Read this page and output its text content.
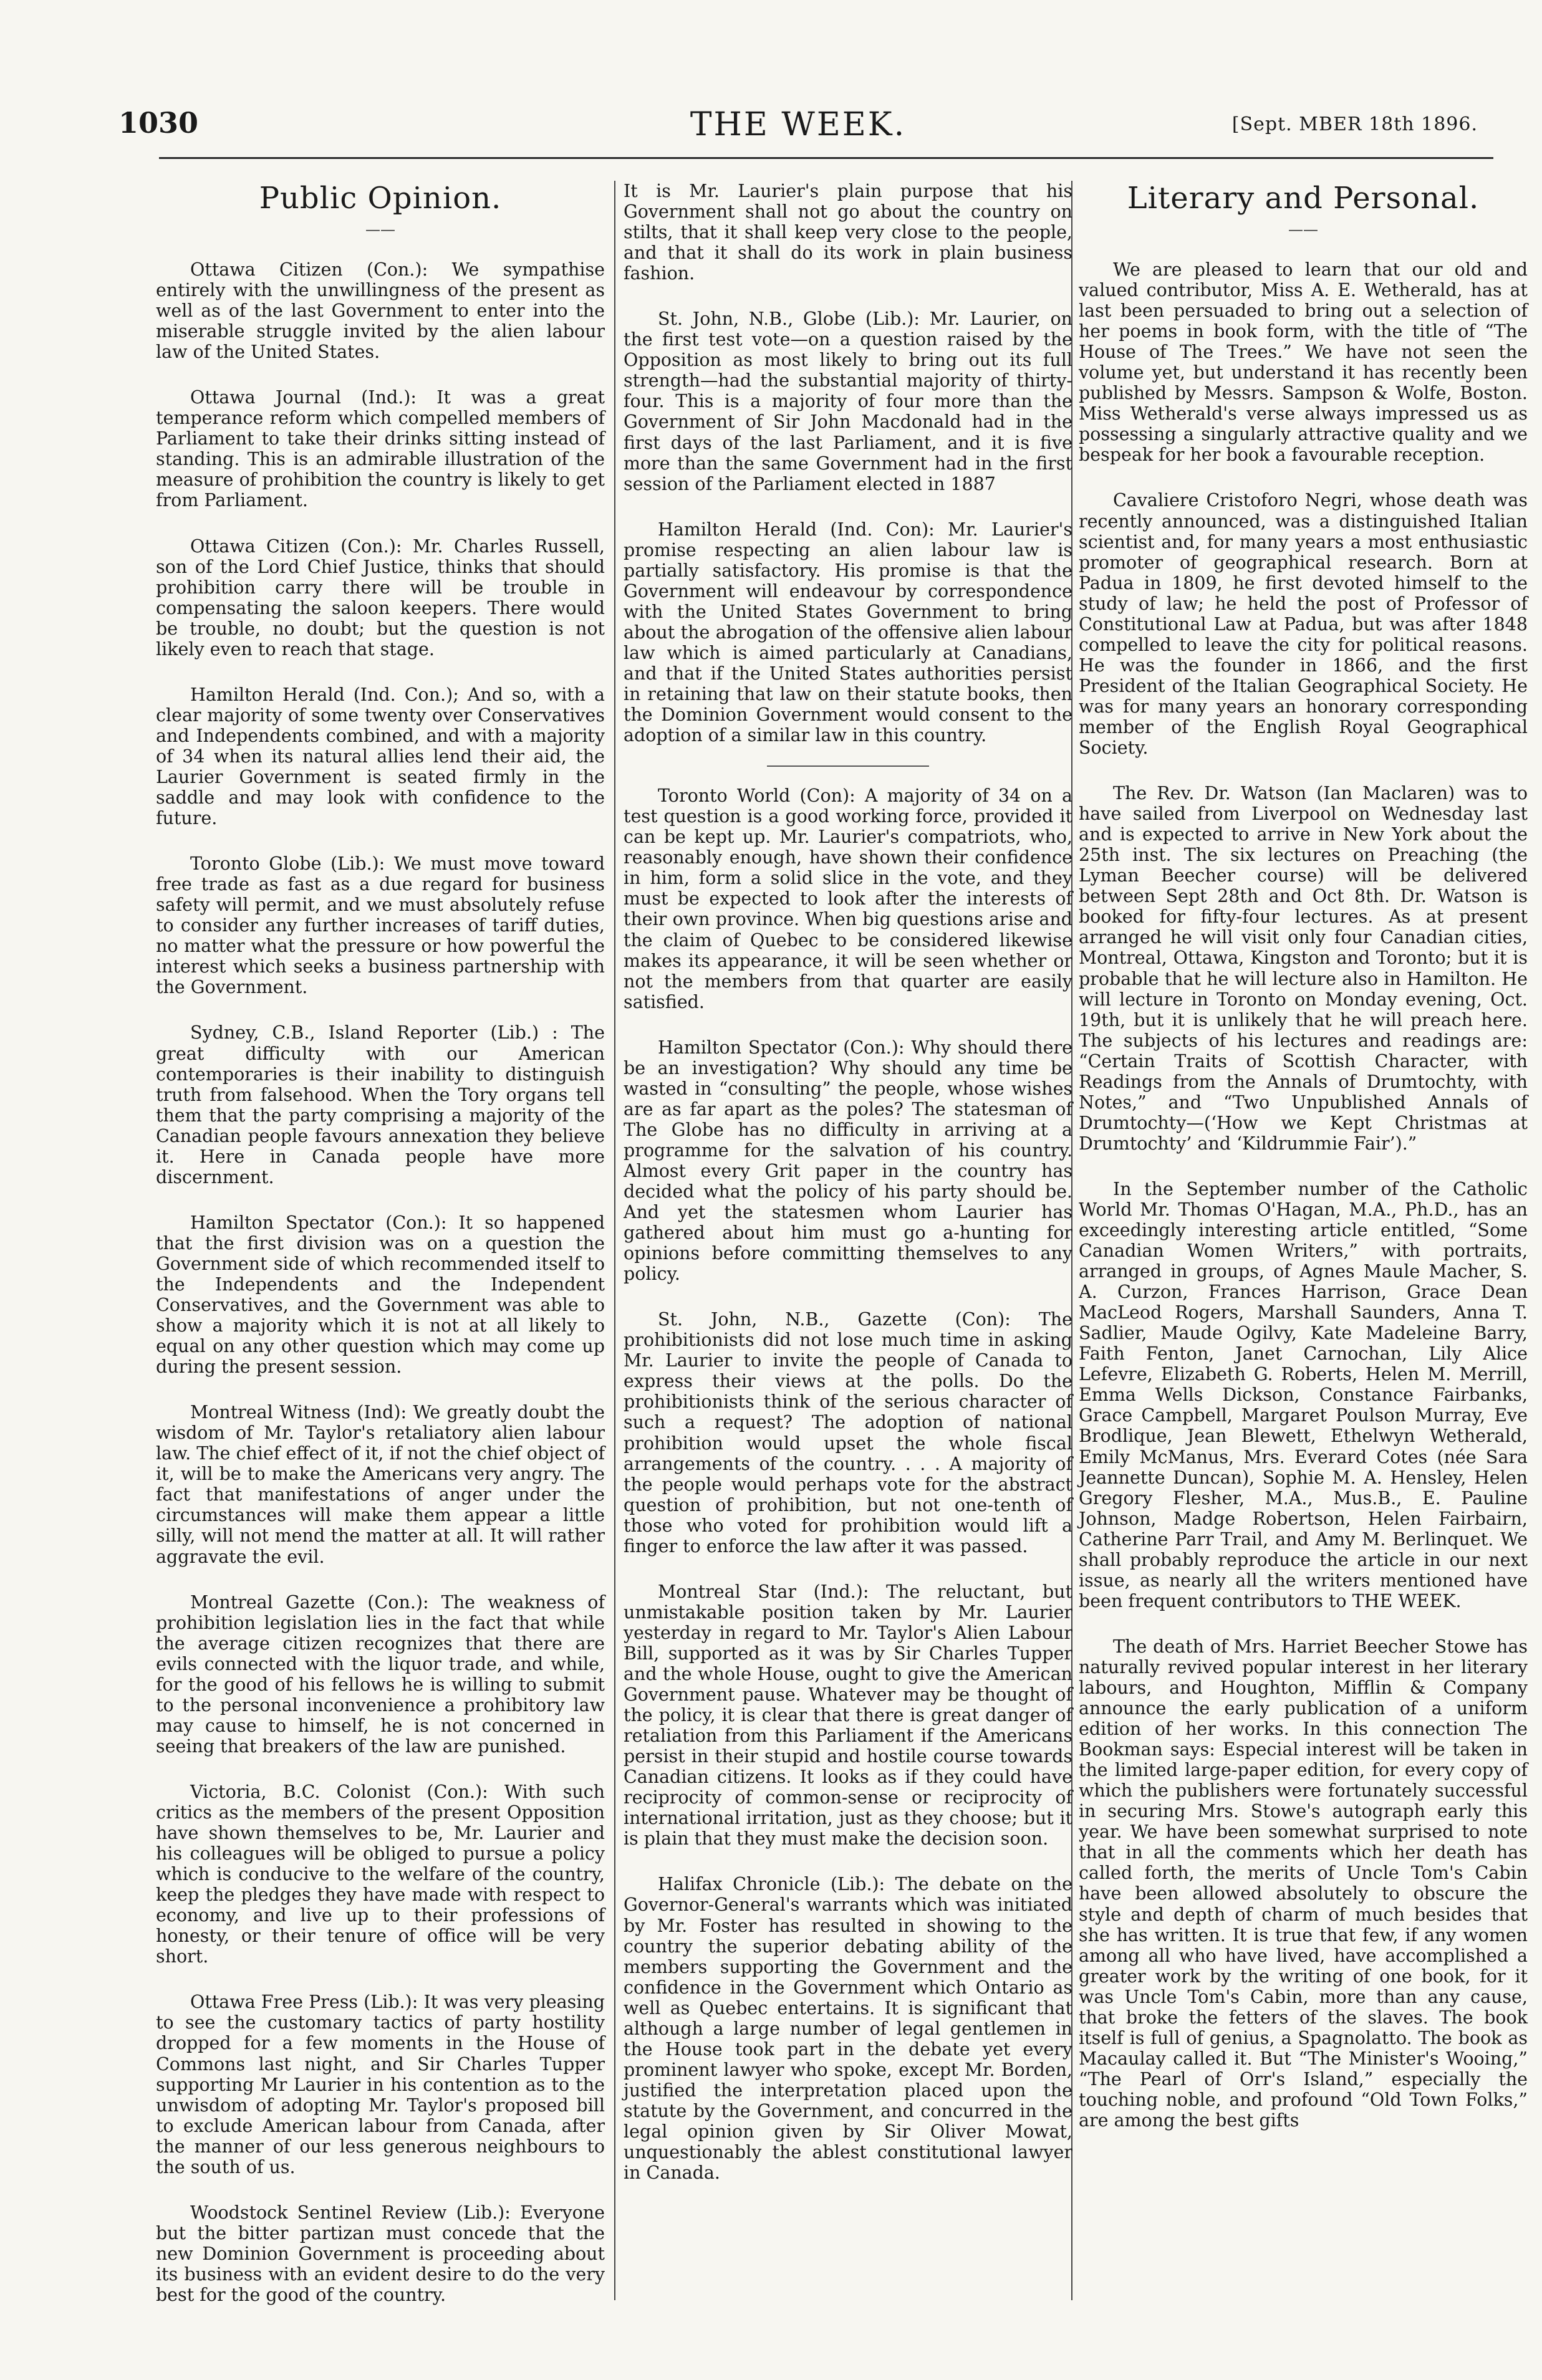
THE WEEK.
1030	[Sept. MBER 18th 1896.
Public Opinion.
——

Ottawa Citizen (Con.): We sympathise entirely with the unwillingness of the present as well as of the last Government to enter into the miserable struggle invited by the alien labour law of the United States.

Ottawa Journal (Ind.): It was a great temperance reform which compelled members of Parliament to take their drinks sitting instead of standing. This is an admirable illustration of the measure of prohibition the country is likely to get from Parliament.

Ottawa Citizen (Con.): Mr. Charles Russell, son of the Lord Chief Justice, thinks that should prohibition carry there will be trouble in compensating the saloon keepers. There would be trouble, no doubt; but the question is not likely even to reach that stage.

Hamilton Herald (Ind. Con.); And so, with a clear majority of some twenty over Conservatives and Independents combined, and with a majority of 34 when its natural allies lend their aid, the Laurier Government is seated firmly in the saddle and may look with confidence to the future.

Toronto Globe (Lib.): We must move toward free trade as fast as a due regard for business safety will permit, and we must absolutely refuse to consider any further increases of tariff duties, no matter what the pressure or how powerful the interest which seeks a business partnership with the Government.

Sydney, C.B., Island Reporter (Lib.) : The great difficulty with our American contemporaries is their inability to distinguish truth from falsehood. When the Tory organs tell them that the party comprising a majority of the Canadian people favours annexation they believe it. Here in Canada people have more discernment.

Hamilton Spectator (Con.): It so happened that the first division was on a question the Government side of which recommended itself to the Independents and the Independent Conservatives, and the Government was able to show a majority which it is not at all likely to equal on any other question which may come up during the present session.

Montreal Witness (Ind): We greatly doubt the wisdom of Mr. Taylor's retaliatory alien labour law. The chief effect of it, if not the chief object of it, will be to make the Americans very angry. The fact that manifestations of anger under the circumstances will make them appear a little silly, will not mend the matter at all. It will rather aggravate the evil.

Montreal Gazette (Con.): The weakness of prohibition legislation lies in the fact that while the average citizen recognizes that there are evils connected with the liquor trade, and while, for the good of his fellows he is willing to submit to the personal inconvenience a prohibitory law may cause to himself, he is not concerned in seeing that breakers of the law are punished.

Victoria, B.C. Colonist (Con.): With such critics as the members of the present Opposition have shown themselves to be, Mr. Laurier and his colleagues will be obliged to pursue a policy which is conducive to the welfare of the country, keep the pledges they have made with respect to economy, and live up to their professions of honesty, or their tenure of office will be very short.

Ottawa Free Press (Lib.): It was very pleasing to see the customary tactics of party hostility dropped for a few moments in the House of Commons last night, and Sir Charles Tupper supporting Mr Laurier in his contention as to the unwisdom of adopting Mr. Taylor's proposed bill to exclude American labour from Canada, after the manner of our less generous neighbours to the south of us.

Woodstock Sentinel Review (Lib.): Everyone but the bitter partizan must concede that the new Dominion Government is proceeding about its business with an evident desire to do the very best for the good of the country.

It is Mr. Laurier's plain purpose that his Government shall not go about the country on stilts, that it shall keep very close to the people, and that it shall do its work in plain business fashion.

St. John, N.B., Globe (Lib.): Mr. Laurier, on the first test vote—on a question raised by the Opposition as most likely to bring out its full strength—had the substantial majority of thirty-four. This is a majority of four more than the Government of Sir John Macdonald had in the first days of the last Parliament, and it is five more than the same Government had in the first session of the Parliament elected in 1887

Hamilton Herald (Ind. Con): Mr. Laurier's promise respecting an alien labour law is partially satisfactory. His promise is that the Government will endeavour by correspondence with the United States Government to bring about the abrogation of the offensive alien labour law which is aimed particularly at Canadians, and that if the United States authorities persist in retaining that law on their statute books, then the Dominion Government would consent to the adoption of a similar law in this country.

Toronto World (Con): A majority of 34 on a test question is a good working force, provided it can be kept up. Mr. Laurier's compatriots, who, reasonably enough, have shown their confidence in him, form a solid slice in the vote, and they must be expected to look after the interests of their own province. When big questions arise and the claim of Quebec to be considered likewise makes its appearance, it will be seen whether or not the members from that quarter are easily satisfied.

Hamilton Spectator (Con.): Why should there be an investigation? Why should any time be wasted in “consulting” the people, whose wishes are as far apart as the poles? The statesman of The Globe has no difficulty in arriving at a programme for the salvation of his country. Almost every Grit paper in the country has decided what the policy of his party should be. And yet the statesmen whom Laurier has gathered about him must go a-hunting for opinions before committing themselves to any policy.

St. John, N.B., Gazette (Con): The prohibitionists did not lose much time in asking Mr. Laurier to invite the people of Canada to express their views at the polls. Do the prohibitionists think of the serious character of such a request? The adoption of national prohibition would upset the whole fiscal arrangements of the country. . . . A majority of the people would perhaps vote for the abstract question of prohibition, but not one-tenth of those who voted for prohibition would lift a finger to enforce the law after it was passed.

Montreal Star (Ind.): The reluctant, but unmistakable position taken by Mr. Laurier yesterday in regard to Mr. Taylor's Alien Labour Bill, supported as it was by Sir Charles Tupper and the whole House, ought to give the American Government pause. Whatever may be thought of the policy, it is clear that there is great danger of retaliation from this Parliament if the Americans persist in their stupid and hostile course towards Canadian citizens. It looks as if they could have reciprocity of common-sense or reciprocity of international irritation, just as they choose; but it is plain that they must make the decision soon.

Halifax Chronicle (Lib.): The debate on the Governor-General's warrants which was initiated by Mr. Foster has resulted in showing to the country the superior debating ability of the members supporting the Government and the confidence in the Government which Ontario as well as Quebec entertains. It is significant that although a large number of legal gentlemen in the House took part in the debate yet every prominent lawyer who spoke, except Mr. Borden, justified the interpretation placed upon the statute by the Government, and concurred in the legal opinion given by Sir Oliver Mowat, unquestionably the ablest constitutional lawyer in Canada.

Literary and Personal.
——

We are pleased to learn that our old and valued contributor, Miss A. E. Wetherald, has at last been persuaded to bring out a selection of her poems in book form, with the title of “The House of The Trees.” We have not seen the volume yet, but understand it has recently been published by Messrs. Sampson & Wolfe, Boston. Miss Wetherald's verse always impressed us as possessing a singularly attractive quality and we bespeak for her book a favourable reception.

Cavaliere Cristoforo Negri, whose death was recently announced, was a distinguished Italian scientist and, for many years a most enthusiastic promoter of geographical research. Born at Padua in 1809, he first devoted himself to the study of law; he held the post of Professor of Constitutional Law at Padua, but was after 1848 compelled to leave the city for political reasons. He was the founder in 1866, and the first President of the Italian Geographical Society. He was for many years an honorary corresponding member of the English Royal Geographical Society.

The Rev. Dr. Watson (Ian Maclaren) was to have sailed from Liverpool on Wednesday last and is expected to arrive in New York about the 25th inst. The six lectures on Preaching (the Lyman Beecher course) will be delivered between Sept 28th and Oct 8th. Dr. Watson is booked for fifty-four lectures. As at present arranged he will visit only four Canadian cities, Montreal, Ottawa, Kingston and Toronto; but it is probable that he will lecture also in Hamilton. He will lecture in Toronto on Monday evening, Oct. 19th, but it is unlikely that he will preach here. The subjects of his lectures and readings are: “Certain Traits of Scottish Character, with Readings from the Annals of Drumtochty, with Notes,” and “Two Unpublished Annals of Drumtochty—(‘How we Kept Christmas at Drumtochty’ and ‘Kildrummie Fair’).”

In the September number of the Catholic World Mr. Thomas O'Hagan, M.A., Ph.D., has an exceedingly interesting article entitled, “Some Canadian Women Writers,” with portraits, arranged in groups, of Agnes Maule Macher, S. A. Curzon, Frances Harrison, Grace Dean MacLeod Rogers, Marshall Saunders, Anna T. Sadlier, Maude Ogilvy, Kate Madeleine Barry, Faith Fenton, Janet Carnochan, Lily Alice Lefevre, Elizabeth G. Roberts, Helen M. Merrill, Emma Wells Dickson, Constance Fairbanks, Grace Campbell, Margaret Poulson Murray, Eve Brodlique, Jean Blewett, Ethelwyn Wetherald, Emily McManus, Mrs. Everard Cotes (née Sara Jeannette Duncan), Sophie M. A. Hensley, Helen Gregory Flesher, M.A., Mus.B., E. Pauline Johnson, Madge Robertson, Helen Fairbairn, Catherine Parr Trail, and Amy M. Berlinquet. We shall probably reproduce the article in our next issue, as nearly all the writers mentioned have been frequent contributors to THE WEEK.

The death of Mrs. Harriet Beecher Stowe has naturally revived popular interest in her literary labours, and Houghton, Mifflin & Company announce the early publication of a uniform edition of her works. In this connection The Bookman says: Especial interest will be taken in the limited large-paper edition, for every copy of which the publishers were fortunately successful in securing Mrs. Stowe's autograph early this year. We have been somewhat surprised to note that in all the comments which her death has called forth, the merits of Uncle Tom's Cabin have been allowed absolutely to obscure the style and depth of charm of much besides that she has written. It is true that few, if any women among all who have lived, have accomplished a greater work by the writing of one book, for it was Uncle Tom's Cabin, more than any cause, that broke the fetters of the slaves. The book itself is full of genius, a Spagnolatto. The book as Macaulay called it. But “The Minister's Wooing,” “The Pearl of Orr's Island,” especially the touching noble, and profound “Old Town Folks,” are among the best gifts
